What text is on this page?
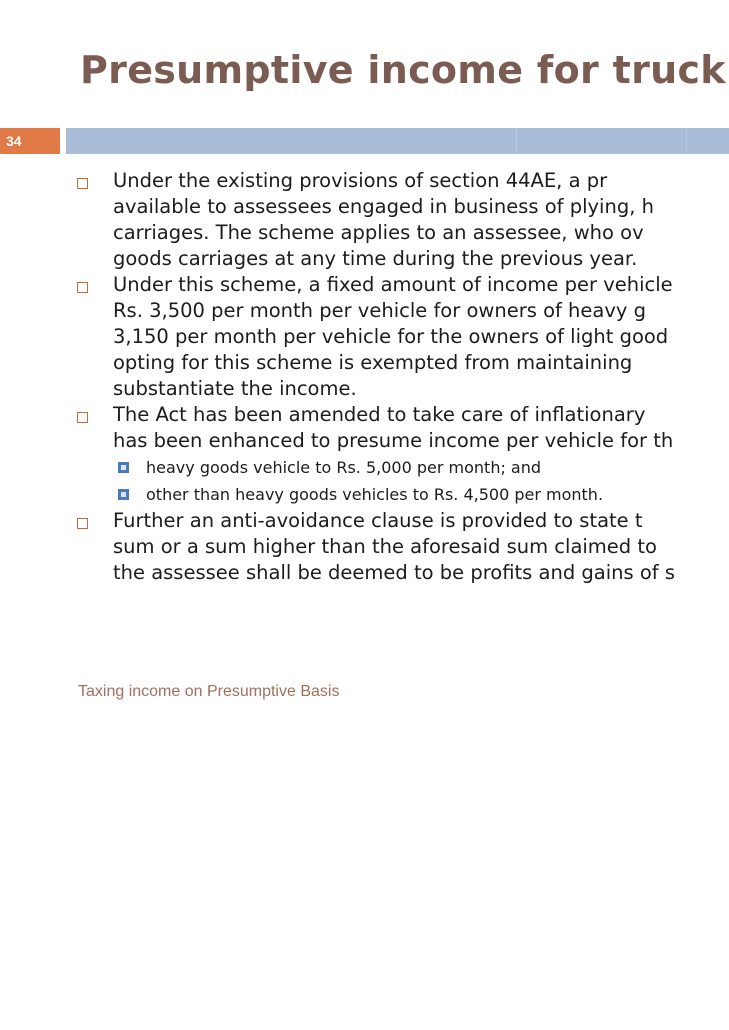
Presumptive income for truck
34
Under the existing provisions of section 44AE, a pr
available to assessees engaged in business of plying, h
carriages. The scheme applies to an assessee, who ov
goods carriages at any time during the previous year.
Under this scheme, a fixed amount of income per vehicle
Rs. 3,500 per month per vehicle for owners of heavy g
3,150 per month per vehicle for the owners of light good
opting for this scheme is exempted from maintaining
substantiate the income.
The Act has been amended to take care of inflationary
has been enhanced to presume income per vehicle for th
heavy goods vehicle to Rs. 5,000 per month; and
other than heavy goods vehicles to Rs. 4,500 per month.
Further an anti-avoidance clause is provided to state t
sum or a sum higher than the aforesaid sum claimed to
the assessee shall be deemed to be profits and gains of s
Taxing income on Presumptive Basis
